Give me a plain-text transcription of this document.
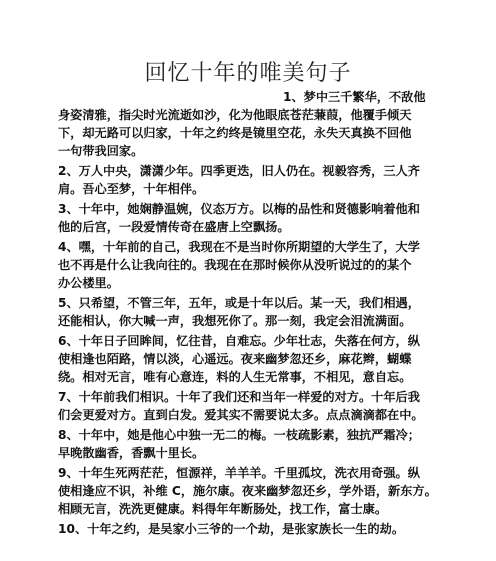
回忆十年的唯美句子
1、梦中三千繁华，不敌他
身姿清雅，指尖时光流逝如沙，化为他眼底苍茫蒹葭，他覆手倾天
下，却无路可以归家，十年之约终是镜里空花，永失天真换不回他
一句带我回家。
2、万人中央，潇潇少年。四季更迭，旧人仍在。视毅容秀，三人齐
肩。吾心至梦，十年相伴。
3、十年中，她娴静温婉，仪态万方。以梅的品性和贤德影响着他和
他的后宫，一段爱情传奇在盛唐上空飘扬。
4、嘿，十年前的自己，我现在不是当时你所期望的大学生了，大学
也不再是什么让我向往的。我现在在那时候你从没听说过的的某个
办公楼里。
5、只希望，不管三年，五年，或是十年以后。某一天，我们相遇，
还能相认，你大喊一声，我想死你了。那一刻，我定会泪流满面。
6、十年日子回眸间，忆往昔，自难忘。少年壮志，失落在何方，纵
使相逢也陌路，情以淡，心遥远。夜来幽梦忽还乡，麻花辫，蝴蝶
绕。相对无言，唯有心意连，料的人生无常事，不相见，意自忘。
7、十年前我们相识。十年了我们还和当年一样爱的对方。十年后我
们会更爱对方。直到白发。爱其实不需要说太多。点点滴滴都在中。
8、十年中，她是他心中独一无二的梅。一枝疏影素，独抗严霜冷；
早晚散幽香，香飘十里长。
9、十年生死两茫茫，恒源祥，羊羊羊。千里孤坟，洗衣用奇强。纵
使相逢应不识，补维 C，施尔康。夜来幽梦忽还乡，学外语，新东方。
相顾无言，洗洗更健康。料得年年断肠处，找工作，富士康。
10、十年之约，是吴家小三爷的一个劫，是张家族长一生的劫。
